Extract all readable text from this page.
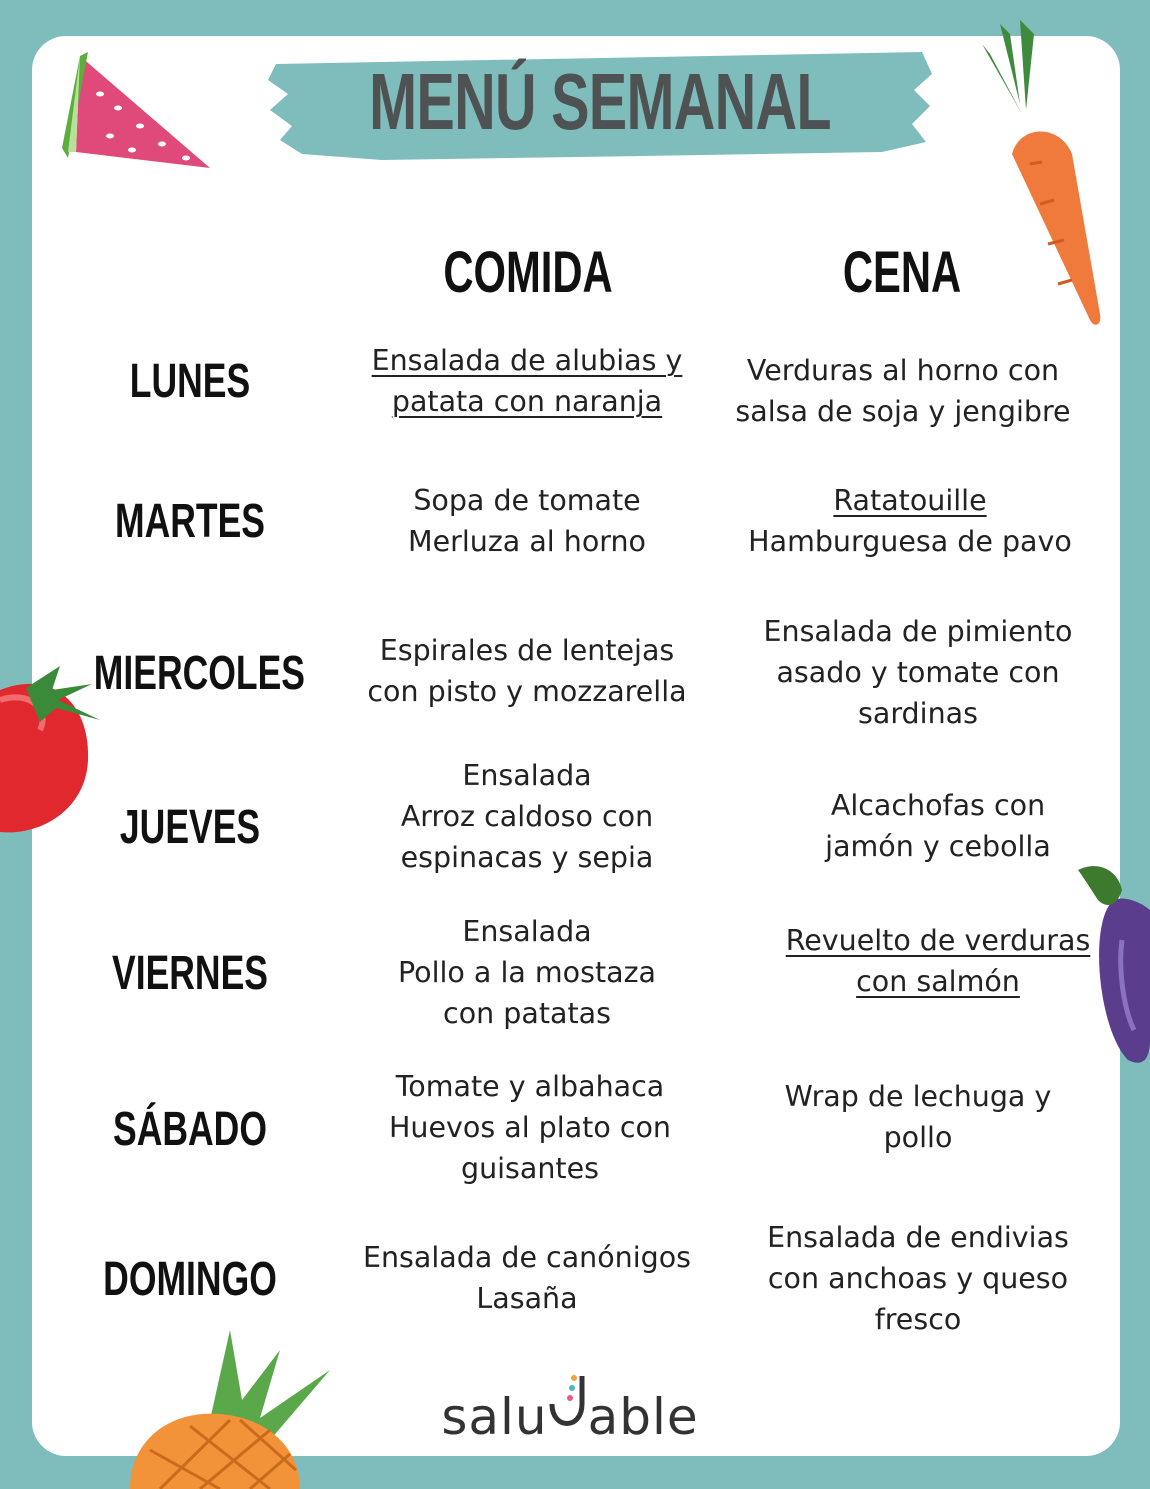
MENÚ SEMANAL
COMIDA	CENA
LUNES
MARTES
MIERCOLES
JUEVES
VIERNES
SÁBADO
DOMINGO
Ensalada de alubias y
patata con naranja
Verduras al horno con
salsa de soja y jengibre
Sopa de tomate
Merluza al horno
Ratatouille
Hamburguesa de pavo
Espirales de lentejas
con pisto y mozzarella
Ensalada de pimiento
asado y tomate con
sardinas
Ensalada
Arroz caldoso con
espinacas y sepia
Alcachofas con
jamón y cebolla
Ensalada
Pollo a la mostaza
con patatas
Revuelto de verduras
con salmón
Tomate y albahaca
Huevos al plato con
guisantes
Wrap de lechuga y
pollo
Ensalada de canónigos
Lasaña
Ensalada de endivias
con anchoas y queso
fresco
salu able
